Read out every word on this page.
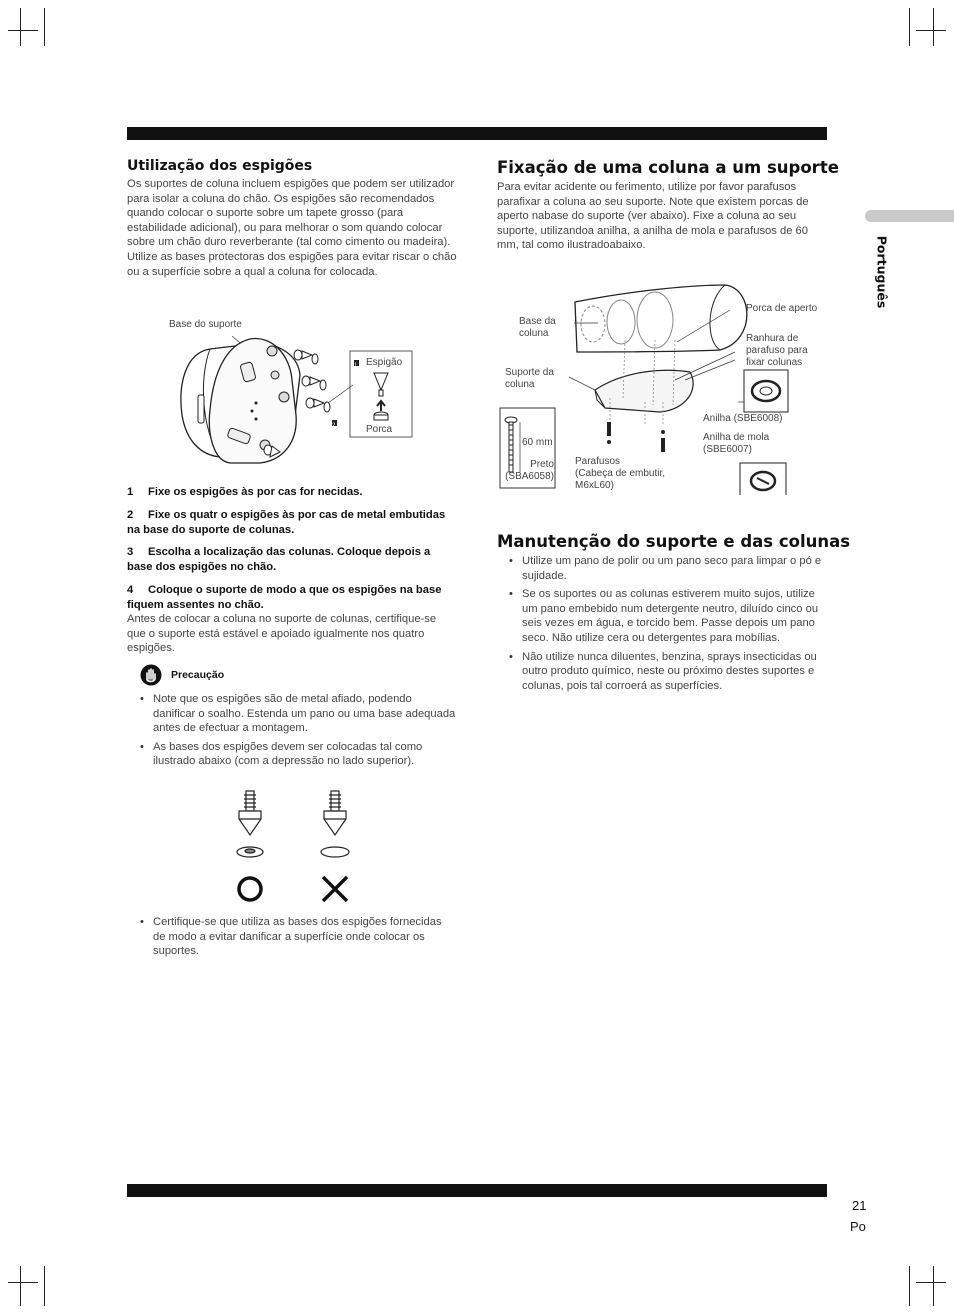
Português
Utilização dos espigões
Os suportes de coluna incluem espigões que podem ser utilizador para isolar a coluna do chão. Os espigões são recomendados quando colocar o suporte sobre um tapete grosso (para estabilidade adicional), ou para melhorar o som quando colocar sobre um chão duro reverberante (tal como cimento ou madeira). Utilize as bases protectoras dos espigões para evitar riscar o chão ou a superfície sobre a qual a coluna for colocada.
Base do suporte
1
2
Espigão
Porca
1 Fixe os espigões às por cas for necidas.
2 Fixe os quatr o espigões às por cas de metal embutidas na base do suporte de colunas.
3 Escolha a localização das colunas. Coloque depois a base dos espigões no chão.
4 Coloque o suporte de modo a que os espigões na base fiquem assentes no chão.
Antes de colocar a coluna no suporte de colunas, certifique-se que o suporte está estável e apoiado igualmente nos quatro espigões.
Precaução
• Note que os espigões são de metal afiado, podendo danificar o soalho. Estenda um pano ou uma base adequada antes de efectuar a montagem.
• As bases dos espigões devem ser colocadas tal como ilustrado abaixo (com a depressão no lado superior).
• Certifique-se que utiliza as bases dos espigões fornecidas de modo a evitar danificar a superfície onde colocar os suportes.
Fixação de uma coluna a um suporte
Para evitar acidente ou ferimento, utilize por favor parafusos parafixar a coluna ao seu suporte. Note que existem porcas de aperto nabase do suporte (ver abaixo). Fixe a coluna ao seu suporte, utilizandoa anilha, a anilha de mola e parafusos de 60 mm, tal como ilustradoabaixo.
Base da
coluna
Suporte da
coluna
Porca de aperto
Ranhura de
parafuso para
fixar colunas
Anilha (SBE6008)
Anilha de mola
(SBE6007)
60 mm
Preto
(SBA6058)
Parafusos
(Cabeça de embutir,
M6xL60)
Manutenção do suporte e das colunas
• Utilize um pano de polir ou um pano seco para limpar o pó e sujidade.
• Se os suportes ou as colunas estiverem muito sujos, utilize um pano embebido num detergente neutro, diluído cinco ou seis vezes em água, e torcido bem. Passe depois um pano seco. Não utilize cera ou detergentes para mobílias.
• Não utilize nunca diluentes, benzina, sprays insecticidas ou outro produto químico, neste ou próximo destes suportes e colunas, pois tal corroerá as superfícies.
21
Po
